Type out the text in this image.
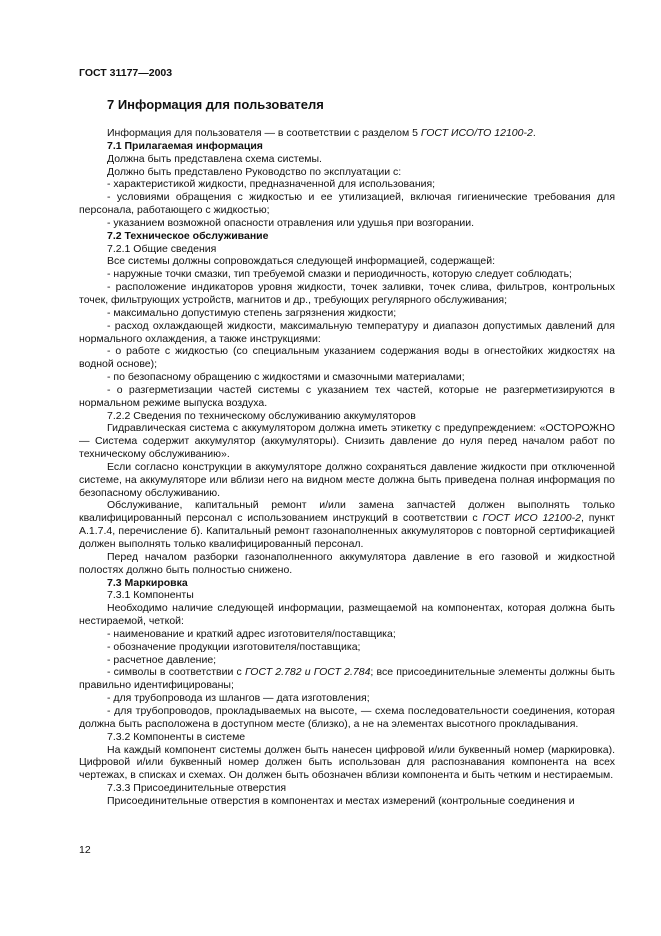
ГОСТ 31177—2003
7 Информация для пользователя

Информация для пользователя — в соответствии с разделом 5 ГОСТ ИСО/ТО 12100-2.

7.1 Прилагаемая информация

Должна быть представлена схема системы.

Должно быть представлено Руководство по эксплуатации с:

- характеристикой жидкости, предназначенной для использования;

- условиями обращения с жидкостью и ее утилизацией, включая гигиенические требования для персонала, работающего с жидкостью;

- указанием возможной опасности отравления или удушья при возгорании.

7.2 Техническое обслуживание

7.2.1 Общие сведения

Все системы должны сопровождаться следующей информацией, содержащей:

- наружные точки смазки, тип требуемой смазки и периодичность, которую следует соблюдать;

- расположение индикаторов уровня жидкости, точек заливки, точек слива, фильтров, контрольных точек, фильтрующих устройств, магнитов и др., требующих регулярного обслуживания;

- максимально допустимую степень загрязнения жидкости;

- расход охлаждающей жидкости, максимальную температуру и диапазон допустимых давлений для нормального охлаждения, а также инструкциями:

- о работе с жидкостью (со специальным указанием содержания воды в огнестойких жидкостях на водной основе);

- по безопасному обращению с жидкостями и смазочными материалами;

- о разгерметизации частей системы с указанием тех частей, которые не разгерметизируются в нормальном режиме выпуска воздуха.

7.2.2 Сведения по техническому обслуживанию аккумуляторов

Гидравлическая система с аккумулятором должна иметь этикетку с предупреждением: «ОСТОРОЖНО — Система содержит аккумулятор (аккумуляторы). Снизить давление до нуля перед началом работ по техническому обслуживанию».

Если согласно конструкции в аккумуляторе должно сохраняться давление жидкости при отключенной системе, на аккумуляторе или вблизи него на видном месте должна быть приведена полная информация по безопасному обслуживанию.

Обслуживание, капитальный ремонт и/или замена запчастей должен выполнять только квалифицированный персонал с использованием инструкций в соответствии с ГОСТ ИСО 12100-2, пункт А.1.7.4, перечисление б). Капитальный ремонт газонаполненных аккумуляторов с повторной сертификацией должен выполнять только квалифицированный персонал.

Перед началом разборки газонаполненного аккумулятора давление в его газовой и жидкостной полостях должно быть полностью снижено.

7.3 Маркировка

7.3.1 Компоненты

Необходимо наличие следующей информации, размещаемой на компонентах, которая должна быть нестираемой, четкой:

- наименование и краткий адрес изготовителя/поставщика;

- обозначение продукции изготовителя/поставщика;

- расчетное давление;

- символы в соответствии с ГОСТ 2.782 и ГОСТ 2.784; все присоединительные элементы должны быть правильно идентифицированы;

- для трубопровода из шлангов — дата изготовления;

- для трубопроводов, прокладываемых на высоте, — схема последовательности соединения, которая должна быть расположена в доступном месте (близко), а не на элементах высотного прокладывания.

7.3.2 Компоненты в системе

На каждый компонент системы должен быть нанесен цифровой и/или буквенный номер (маркировка). Цифровой и/или буквенный номер должен быть использован для распознавания компонента на всех чертежах, в списках и схемах. Он должен быть обозначен вблизи компонента и быть четким и нестираемым.

7.3.3 Присоединительные отверстия

Присоединительные отверстия в компонентах и местах измерений (контрольные соединения и

12
